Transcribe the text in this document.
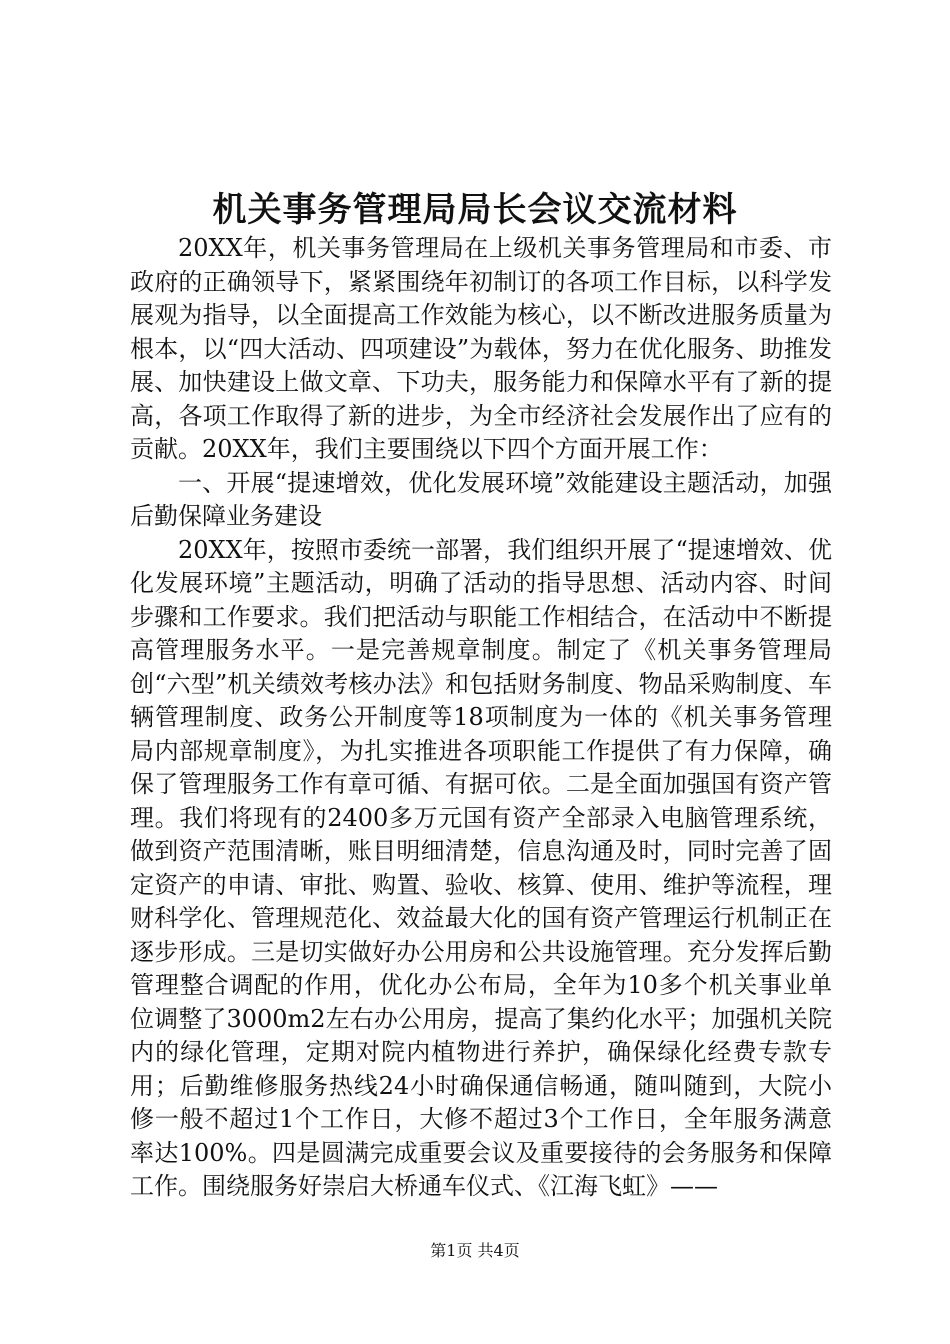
机关事务管理局局长会议交流材料

20XX年，机关事务管理局在上级机关事务管理局和市委、市政府的正确领导下，紧紧围绕年初制订的各项工作目标，以科学发展观为指导，以全面提高工作效能为核心，以不断改进服务质量为根本，以“四大活动、四项建设”为载体，努力在优化服务、助推发展、加快建设上做文章、下功夫，服务能力和保障水平有了新的提高，各项工作取得了新的进步，为全市经济社会发展作出了应有的贡献。20XX年，我们主要围绕以下四个方面开展工作：

一、开展“提速增效，优化发展环境”效能建设主题活动，加强后勤保障业务建设

20XX年，按照市委统一部署，我们组织开展了“提速增效、优化发展环境”主题活动，明确了活动的指导思想、活动内容、时间步骤和工作要求。我们把活动与职能工作相结合，在活动中不断提高管理服务水平。一是完善规章制度。制定了《机关事务管理局创“六型”机关绩效考核办法》和包括财务制度、物品采购制度、车辆管理制度、政务公开制度等18项制度为一体的《机关事务管理局内部规章制度》，为扎实推进各项职能工作提供了有力保障，确保了管理服务工作有章可循、有据可依。二是全面加强国有资产管理。我们将现有的2400多万元国有资产全部录入电脑管理系统，做到资产范围清晰，账目明细清楚，信息沟通及时，同时完善了固定资产的申请、审批、购置、验收、核算、使用、维护等流程，理财科学化、管理规范化、效益最大化的国有资产管理运行机制正在逐步形成。三是切实做好办公用房和公共设施管理。充分发挥后勤管理整合调配的作用，优化办公布局，全年为10多个机关事业单位调整了3000m2左右办公用房，提高了集约化水平；加强机关院内的绿化管理，定期对院内植物进行养护，确保绿化经费专款专用；后勤维修服务热线24小时确保通信畅通，随叫随到，大院小修一般不超过1个工作日，大修不超过3个工作日，全年服务满意率达100%。四是圆满完成重要会议及重要接待的会务服务和保障工作。围绕服务好崇启大桥通车仪式、《江海飞虹》——

第1页 共4页
